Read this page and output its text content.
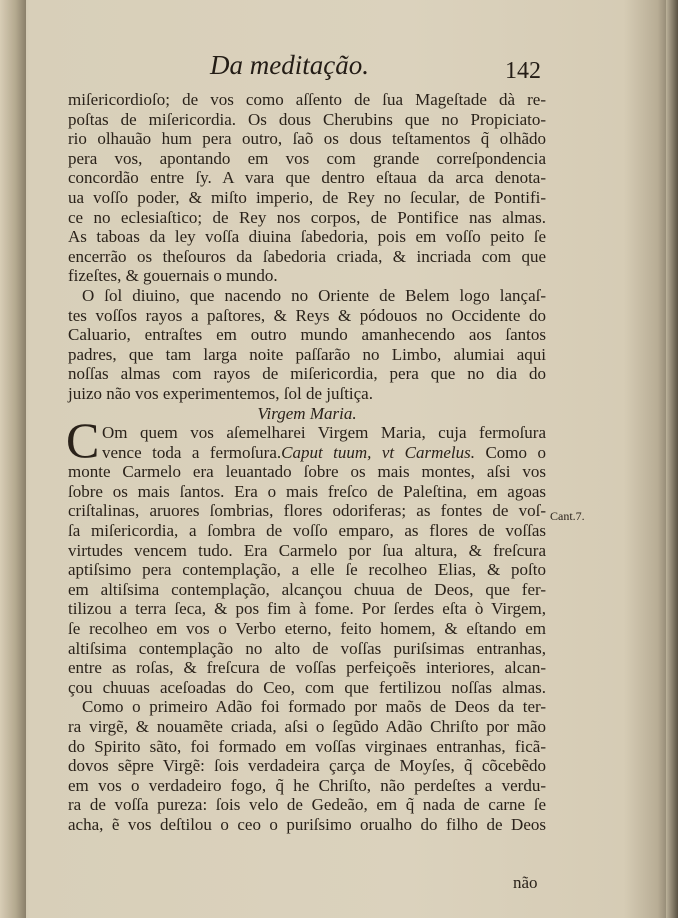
Da meditação.	142
miſericordioſo; de vos como aſſento de ſua Mageſtade dà re-
poſtas de miſericordia. Os dous Cherubins que no Propiciato-
rio olhauão hum pera outro, ſaõ os dous teſtamentos q̃ olhãdo
pera vos, apontando em vos com grande correſpondencia
concordão entre ſy. A vara que dentro eſtaua da arca denota-
ua voſſo poder, & miſto imperio, de Rey no ſecular, de Pontifi-
ce no eclesiaſtico; de Rey nos corpos, de Pontifice nas almas.
As taboas da ley voſſa diuina ſabedoria, pois em voſſo peito ſe
encerrão os theſouros da ſabedoria criada, & incriada com que
fizeſtes, & gouernais o mundo.
O ſol diuino, que nacendo no Oriente de Belem logo lançaſ-
tes voſſos rayos a paſtores, & Reys & pódouos no Occidente do
Caluario, entraſtes em outro mundo amanhecendo aos ſantos
padres, que tam larga noite paſſarão no Limbo, alumiai aqui
noſſas almas com rayos de miſericordia, pera que no dia do
juizo não vos experimentemos, ſol de juſtiça.
Virgem Maria.
C Om quem vos aſemelharei Virgem Maria, cuja fermoſura
vence toda a fermoſura.Caput tuum, vt Carmelus. Como o
monte Carmelo era leuantado ſobre os mais montes, aſsi vos
ſobre os mais ſantos. Era o mais freſco de Paleſtina, em agoas
criſtalinas, aruores ſombrias, flores odoriferas; as fontes de voſ-
ſa miſericordia, a ſombra de voſſo emparo, as flores de voſſas
virtudes vencem tudo. Era Carmelo por ſua altura, & freſcura
aptiſsimo pera contemplação, a elle ſe recolheo Elias, & poſto
em altiſsima contemplação, alcançou chuua de Deos, que fer-
tilizou a terra ſeca, & pos fim à fome. Por ſerdes eſta ò Virgem,
ſe recolheo em vos o Verbo eterno, feito homem, & eſtando em
altiſsima contemplação no alto de voſſas puriſsimas entranhas,
entre as roſas, & freſcura de voſſas perfeiçoẽs interiores, alcan-
çou chuuas aceſoadas do Ceo, com que fertilizou noſſas almas.
Como o primeiro Adão foi formado por maõs de Deos da ter-
ra virgẽ, & nouamẽte criada, aſsi o ſegũdo Adão Chriſto por mão
do Spirito sãto, foi formado em voſſas virginaes entranhas, ficã-
dovos sẽpre Virgẽ: ſois verdadeira çarça de Moyſes, q̃ cõcebẽdo
em vos o verdadeiro fogo, q̃ he Chriſto, não perdeſtes a verdu-
ra de voſſa pureza: ſois velo de Gedeão, em q̃ nada de carne ſe
acha, ẽ vos deſtilou o ceo o puriſsimo orualho do filho de Deos
Cant.7.
não
